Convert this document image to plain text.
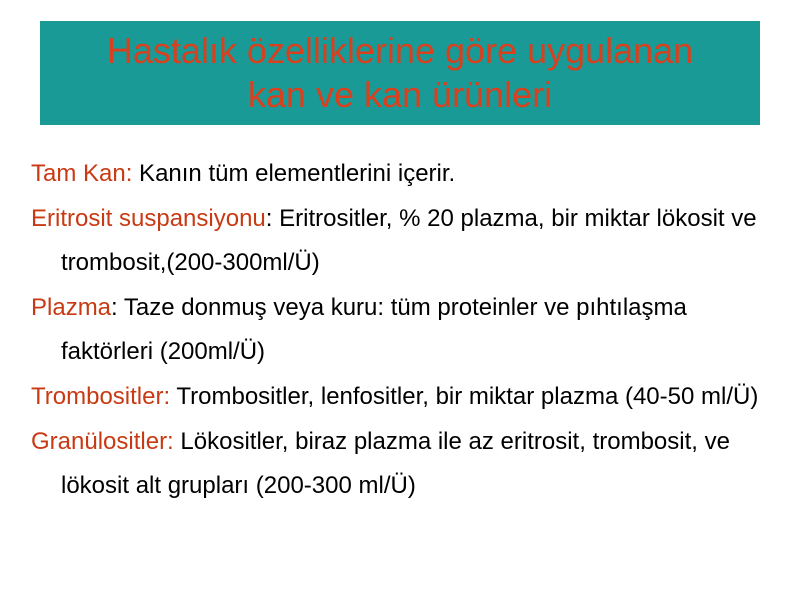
Hastalık özelliklerine göre uygulanan
kan ve kan ürünleri

Tam Kan: Kanın tüm elementlerini içerir.

Eritrosit suspansiyonu: Eritrositler, % 20 plazma, bir miktar lökosit ve trombosit,(200-300ml/Ü)

Plazma: Taze donmuş veya kuru: tüm proteinler ve pıhtılaşma faktörleri (200ml/Ü)

Trombositler: Trombositler, lenfositler, bir miktar plazma (40-50 ml/Ü)

Granülositler: Lökositler, biraz plazma ile az eritrosit, trombosit, ve lökosit alt grupları (200-300 ml/Ü)
